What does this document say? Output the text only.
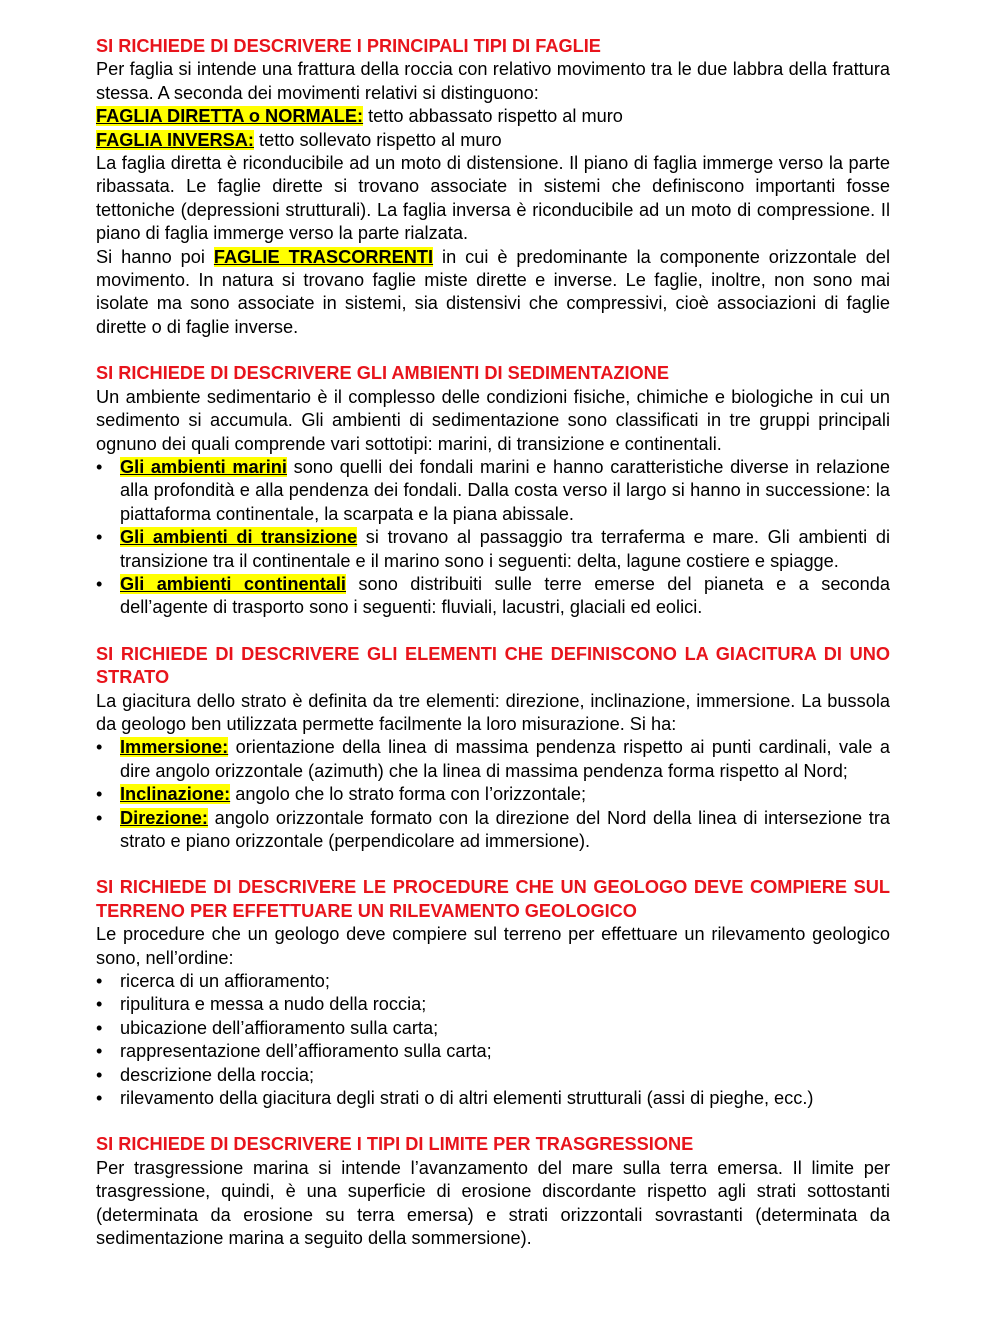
SI RICHIEDE DI DESCRIVERE I PRINCIPALI TIPI DI FAGLIE

Per faglia si intende una frattura della roccia con relativo movimento tra le due labbra della frattura stessa. A seconda dei movimenti relativi si distinguono:

FAGLIA DIRETTA o NORMALE: tetto abbassato rispetto al muro

FAGLIA INVERSA: tetto sollevato rispetto al muro

La faglia diretta è riconducibile ad un moto di distensione. Il piano di faglia immerge verso la parte ribassata. Le faglie dirette si trovano associate in sistemi che definiscono importanti fosse tettoniche (depressioni strutturali). La faglia inversa è riconducibile ad un moto di compressione. Il piano di faglia immerge verso la parte rialzata.

Si hanno poi FAGLIE TRASCORRENTI in cui è predominante la componente orizzontale del movimento. In natura si trovano faglie miste dirette e inverse. Le faglie, inoltre, non sono mai isolate ma sono associate in sistemi, sia distensivi che compressivi, cioè associazioni di faglie dirette o di faglie inverse.

SI RICHIEDE DI DESCRIVERE GLI AMBIENTI DI SEDIMENTAZIONE

Un ambiente sedimentario è il complesso delle condizioni fisiche, chimiche e biologiche in cui un sedimento si accumula. Gli ambienti di sedimentazione sono classificati in tre gruppi principali ognuno dei quali comprende vari sottotipi: marini, di transizione e continentali.

• Gli ambienti marini sono quelli dei fondali marini e hanno caratteristiche diverse in relazione alla profondità e alla pendenza dei fondali. Dalla costa verso il largo si hanno in successione: la piattaforma continentale, la scarpata e la piana abissale.
• Gli ambienti di transizione si trovano al passaggio tra terraferma e mare. Gli ambienti di transizione tra il continentale e il marino sono i seguenti: delta, lagune costiere e spiagge.
• Gli ambienti continentali sono distribuiti sulle terre emerse del pianeta e a seconda dell’agente di trasporto sono i seguenti: fluviali, lacustri, glaciali ed eolici.

SI RICHIEDE DI DESCRIVERE GLI ELEMENTI CHE DEFINISCONO LA GIACITURA DI UNO STRATO

La giacitura dello strato è definita da tre elementi: direzione, inclinazione, immersione. La bussola da geologo ben utilizzata permette facilmente la loro misurazione. Si ha:

• Immersione: orientazione della linea di massima pendenza rispetto ai punti cardinali, vale a dire angolo orizzontale (azimuth) che la linea di massima pendenza forma rispetto al Nord;
• Inclinazione: angolo che lo strato forma con l’orizzontale;
• Direzione: angolo orizzontale formato con la direzione del Nord della linea di intersezione tra strato e piano orizzontale (perpendicolare ad immersione).

SI RICHIEDE DI DESCRIVERE LE PROCEDURE CHE UN GEOLOGO DEVE COMPIERE SUL TERRENO PER EFFETTUARE UN RILEVAMENTO GEOLOGICO

Le procedure che un geologo deve compiere sul terreno per effettuare un rilevamento geologico sono, nell’ordine:

• ricerca di un affioramento;
• ripulitura e messa a nudo della roccia;
• ubicazione dell’affioramento sulla carta;
• rappresentazione dell’affioramento sulla carta;
• descrizione della roccia;
• rilevamento della giacitura degli strati o di altri elementi strutturali (assi di pieghe, ecc.)

SI RICHIEDE DI DESCRIVERE I TIPI DI LIMITE PER TRASGRESSIONE

Per trasgressione marina si intende l’avanzamento del mare sulla terra emersa. Il limite per trasgressione, quindi, è una superficie di erosione discordante rispetto agli strati sottostanti (determinata da erosione su terra emersa) e strati orizzontali sovrastanti (determinata da sedimentazione marina a seguito della sommersione).
